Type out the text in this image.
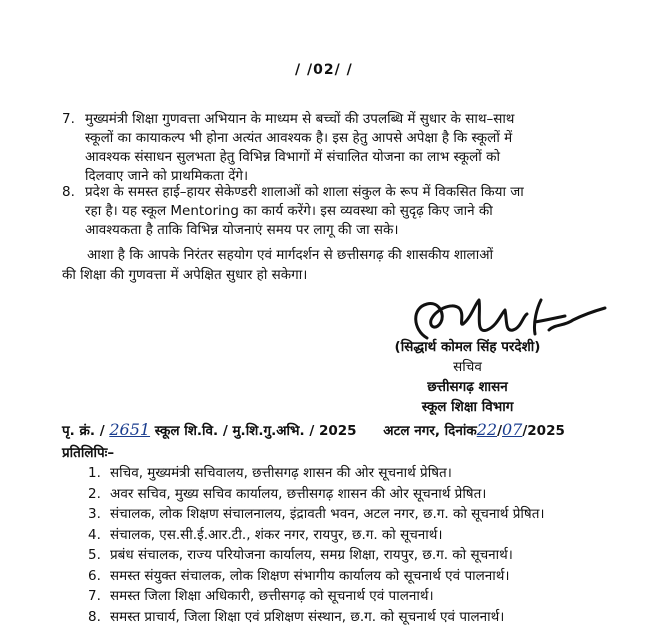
/ /02/ /
7. मुख्यमंत्री शिक्षा गुणवत्ता अभियान के माध्यम से बच्चों की उपलब्धि में सुधार के साथ–साथ
स्कूलों का कायाकल्प भी होना अत्यंत आवश्यक है। इस हेतु आपसे अपेक्षा है कि स्कूलों में
आवश्यक संसाधन सुलभता हेतु विभिन्न विभागों में संचालित योजना का लाभ स्कूलों को
दिलवाए जाने को प्राथमिकता देंगे।
8. प्रदेश के समस्त हाई–हायर सेकेण्डरी शालाओं को शाला संकुल के रूप में विकसित किया जा
रहा है। यह स्कूल Mentoring का कार्य करेंगे। इस व्यवस्था को सुदृढ़ किए जाने की
आवश्यकता है ताकि विभिन्न योजनाएं समय पर लागू की जा सके।
आशा है कि आपके निरंतर सहयोग एवं मार्गदर्शन से छत्तीसगढ़ की शासकीय शालाओं
की शिक्षा की गुणवत्ता में अपेक्षित सुधार हो सकेगा।
(सिद्धार्थ कोमल सिंह परदेशी)
सचिव
छत्तीसगढ़ शासन
स्कूल शिक्षा विभाग
पृ. क्रं. / 2651 स्कूल शि.वि. / मु.शि.गु.अभि. / 2025 अटल नगर, दिनांक22/07/2025
प्रतिलिपिः–
1. सचिव, मुख्यमंत्री सचिवालय, छत्तीसगढ़ शासन की ओर सूचनार्थ प्रेषित।
2. अवर सचिव, मुख्य सचिव कार्यालय, छत्तीसगढ़ शासन की ओर सूचनार्थ प्रेषित।
3. संचालक, लोक शिक्षण संचालनालय, इंद्रावती भवन, अटल नगर, छ.ग. को सूचनार्थ प्रेषित।
4. संचालक, एस.सी.ई.आर.टी., शंकर नगर, रायपुर, छ.ग. को सूचनार्थ।
5. प्रबंध संचालक, राज्य परियोजना कार्यालय, समग्र शिक्षा, रायपुर, छ.ग. को सूचनार्थ।
6. समस्त संयुक्त संचालक, लोक शिक्षण संभागीय कार्यालय को सूचनार्थ एवं पालनार्थ।
7. समस्त जिला शिक्षा अधिकारी, छत्तीसगढ़ को सूचनार्थ एवं पालनार्थ।
8. समस्त प्राचार्य, जिला शिक्षा एवं प्रशिक्षण संस्थान, छ.ग. को सूचनार्थ एवं पालनार्थ।
